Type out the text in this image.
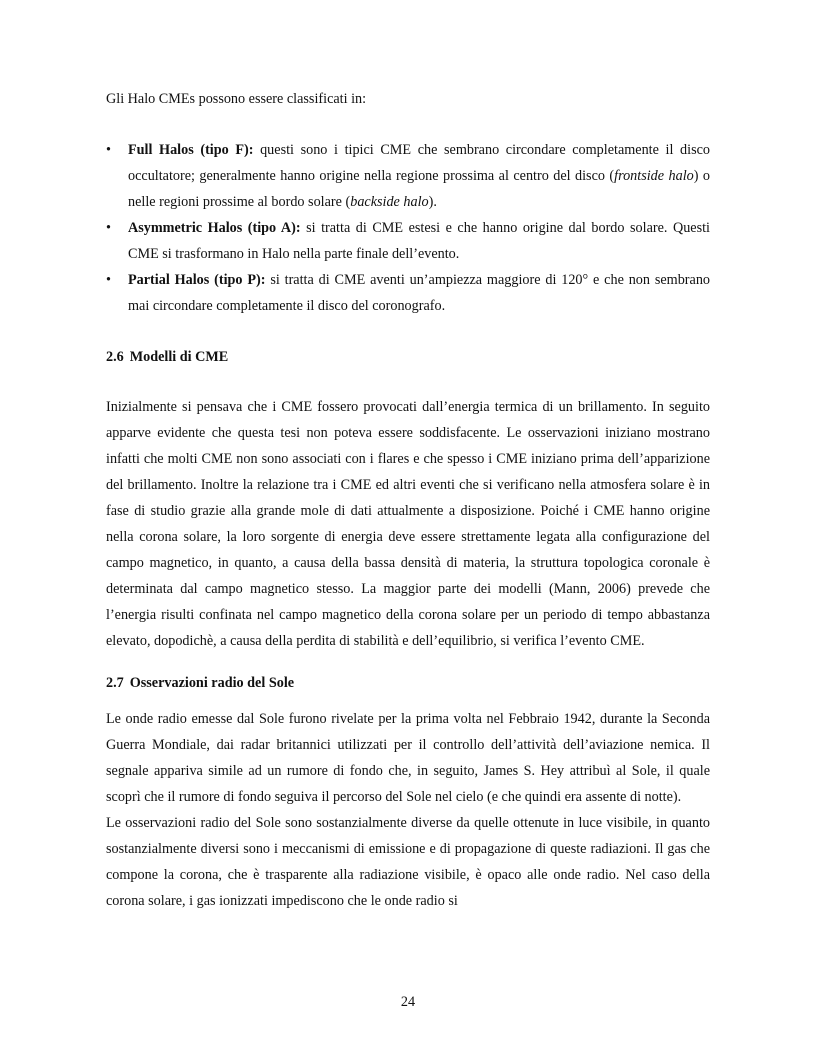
Gli Halo CMEs possono essere classificati in:

• Full Halos (tipo F): questi sono i tipici CME che sembrano circondare completamente il disco occultatore; generalmente hanno origine nella regione prossima al centro del disco (frontside halo) o nelle regioni prossime al bordo solare (backside halo).
• Asymmetric Halos (tipo A): si tratta di CME estesi e che hanno origine dal bordo solare. Questi CME si trasformano in Halo nella parte finale dell’evento.
• Partial Halos (tipo P): si tratta di CME aventi un’ampiezza maggiore di 120° e che non sembrano mai circondare completamente il disco del coronografo.
2.6 Modelli di CME

Inizialmente si pensava che i CME fossero provocati dall’energia termica di un brillamento. In seguito apparve evidente che questa tesi non poteva essere soddisfacente. Le osservazioni iniziano mostrano infatti che molti CME non sono associati con i flares e che spesso i CME iniziano prima dell’apparizione del brillamento. Inoltre la relazione tra i CME ed altri eventi che si verificano nella atmosfera solare è in fase di studio grazie alla grande mole di dati attualmente a disposizione. Poiché i CME hanno origine nella corona solare, la loro sorgente di energia deve essere strettamente legata alla configurazione del campo magnetico, in quanto, a causa della bassa densità di materia, la struttura topologica coronale è determinata dal campo magnetico stesso. La maggior parte dei modelli (Mann, 2006) prevede che l’energia risulti confinata nel campo magnetico della corona solare per un periodo di tempo abbastanza elevato, dopodichè, a causa della perdita di stabilità e dell’equilibrio, si verifica l’evento CME.

2.7 Osservazioni radio del Sole

Le onde radio emesse dal Sole furono rivelate per la prima volta nel Febbraio 1942, durante la Seconda Guerra Mondiale, dai radar britannici utilizzati per il controllo dell’attività dell’aviazione nemica. Il segnale appariva simile ad un rumore di fondo che, in seguito, James S. Hey attribuì al Sole, il quale scoprì che il rumore di fondo seguiva il percorso del Sole nel cielo (e che quindi era assente di notte).

Le osservazioni radio del Sole sono sostanzialmente diverse da quelle ottenute in luce visibile, in quanto sostanzialmente diversi sono i meccanismi di emissione e di propagazione di queste radiazioni. Il gas che compone la corona, che è trasparente alla radiazione visibile, è opaco alle onde radio. Nel caso della corona solare, i gas ionizzati impediscono che le onde radio si

24
